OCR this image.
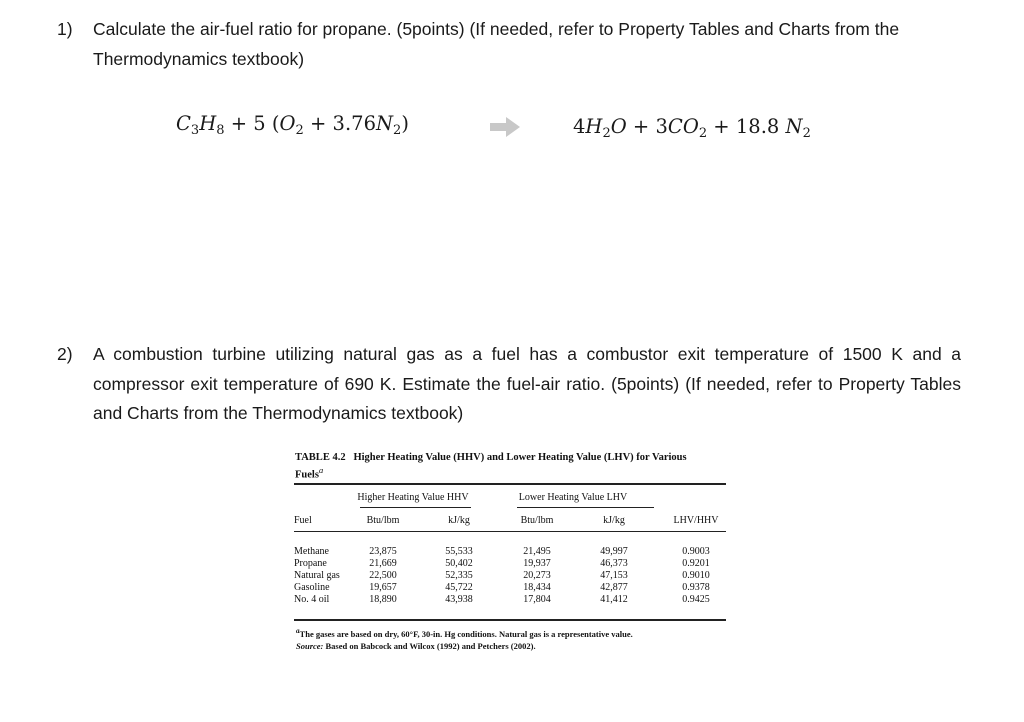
1) Calculate the air-fuel ratio for propane. (5points) (If needed, refer to Property Tables and Charts from the Thermodynamics textbook)
$C_3H_8 + 5$ $(O_2 + 3.76N_2)$	$4H_2O + 3CO_2 + 18.8$ $N_2$
2) A combustion turbine utilizing natural gas as a fuel has a combustor exit temperature of 1500 K and a compressor exit temperature of 690 K. Estimate the fuel-air ratio. (5points) (If needed, refer to Property Tables and Charts from the Thermodynamics textbook)
TABLE 4.2 Higher Heating Value (HHV) and Lower Heating Value (LHV) for Various Fuels$^a$
Higher Heating Value HHV	Lower Heating Value LHV
Fuel	Btu/lbm	kJ/kg	Btu/lbm	kJ/kg	LHV/HHV
Methane	23,875	55,533	21,495	49,997	0.9003
Propane	21,669	50,402	19,937	46,373	0.9201
Natural gas	22,500	52,335	20,273	47,153	0.9010
Gasoline	19,657	45,722	18,434	42,877	0.9378
No. 4 oil	18,890	43,938	17,804	41,412	0.9425
$^a$The gases are based on dry, 60°F, 30-in. Hg conditions. Natural gas is a representative value.
Source: Based on Babcock and Wilcox (1992) and Petchers (2002).
